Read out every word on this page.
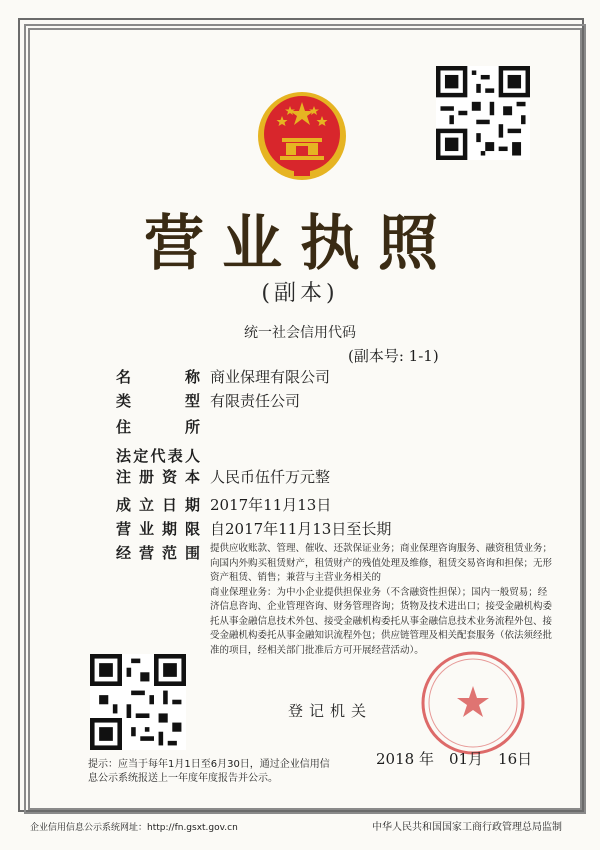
营业执照
(副本)
统一社会信用代码
(副本号: 1-1)
名　　称 商业保理有限公司
类　　型 有限责任公司
住　　所
法定代表人
注册资本 人民币伍仟万元整
成立日期 2017年11月13日
营业期限 自2017年11月13日至长期
经营范围 提供应收账款、管理、催收、还款保证业务；商业保理咨询服务、融资租赁业务；向国内外购买租赁财产，租赁财产的残值处理及维修，租赁交易咨询和担保；无形资产租赁、销售；兼营与主营业务相关的

商业保理业务：为中小企业提供担保业务（不含融资性担保）；国内一般贸易；经济信息咨询、企业管理咨询、财务管理咨询；货物及技术进出口；接受金融机构委托从事金融信息技术外包、接受金融机构委托从事金融信息技术业务流程外包、接受金融机构委托从事金融知识流程外包；供应链管理及相关配套服务（依法须经批准的项目，经相关部门批准后方可开展经营活动）。

登记机关
2018 年　01月　16日
提示：应当于每年1月1日至6月30日，通过企业信用信息公示系统报送上一年度年度报告并公示。
企业信用信息公示系统网址：http://fn.gsxt.gov.cn	中华人民共和国国家工商行政管理总局监制
